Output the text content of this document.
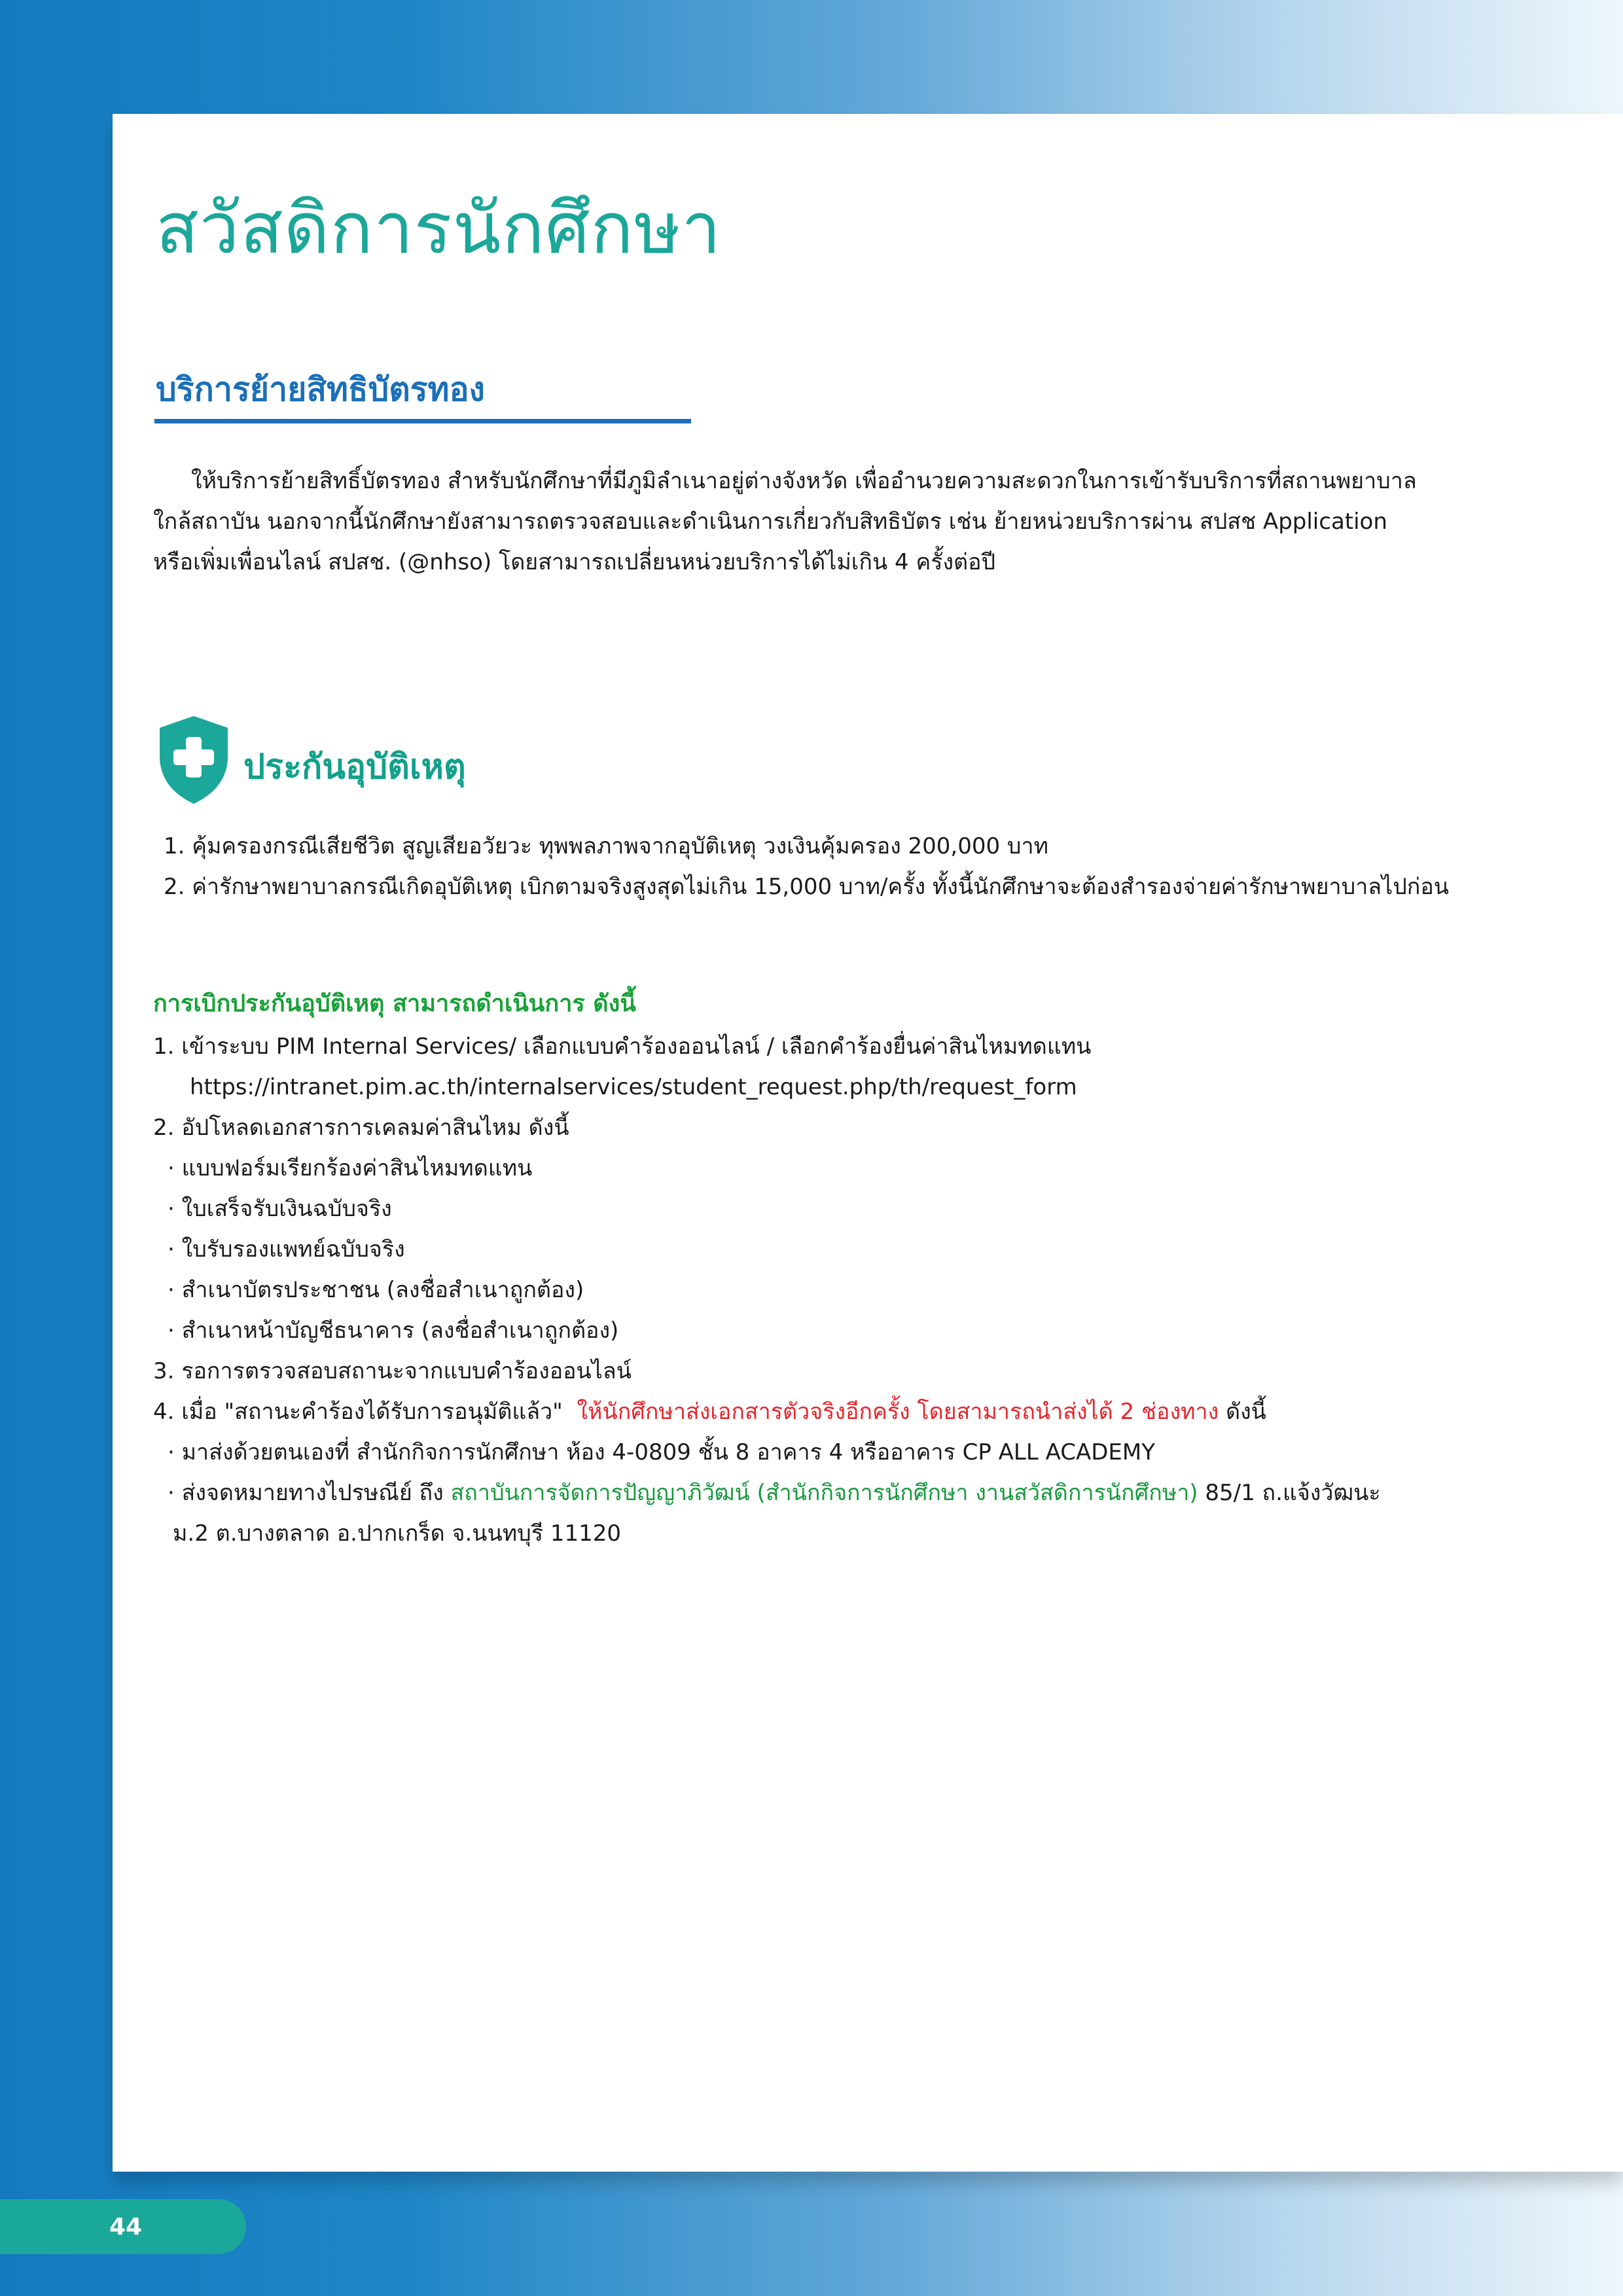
สวัสดิการนักศึกษา
บริการย้ายสิทธิบัตรทอง
ให้บริการย้ายสิทธิ์บัตรทอง สำหรับนักศึกษาที่มีภูมิลำเนาอยู่ต่างจังหวัด เพื่ออำนวยความสะดวกในการเข้ารับบริการที่สถานพยาบาล
ใกล้สถาบัน นอกจากนี้นักศึกษายังสามารถตรวจสอบและดำเนินการเกี่ยวกับสิทธิบัตร เช่น ย้ายหน่วยบริการผ่าน สปสช Application
หรือเพิ่มเพื่อนไลน์ สปสช. (@nhso) โดยสามารถเปลี่ยนหน่วยบริการได้ไม่เกิน 4 ครั้งต่อปี
ประกันอุบัติเหตุ
1. คุ้มครองกรณีเสียชีวิต สูญเสียอวัยวะ ทุพพลภาพจากอุบัติเหตุ วงเงินคุ้มครอง 200,000 บาท
2. ค่ารักษาพยาบาลกรณีเกิดอุบัติเหตุ เบิกตามจริงสูงสุดไม่เกิน 15,000 บาท/ครั้ง ทั้งนี้นักศึกษาจะต้องสำรองจ่ายค่ารักษาพยาบาลไปก่อน
การเบิกประกันอุบัติเหตุ สามารถดำเนินการ ดังนี้
1. เข้าระบบ PIM Internal Services/ เลือกแบบคำร้องออนไลน์ / เลือกคำร้องยื่นค่าสินไหมทดแทน
https://intranet.pim.ac.th/internalservices/student_request.php/th/request_form
2. อัปโหลดเอกสารการเคลมค่าสินไหม ดังนี้
· แบบฟอร์มเรียกร้องค่าสินไหมทดแทน
· ใบเสร็จรับเงินฉบับจริง
· ใบรับรองแพทย์ฉบับจริง
· สำเนาบัตรประชาชน (ลงชื่อสำเนาถูกต้อง)
· สำเนาหน้าบัญชีธนาคาร (ลงชื่อสำเนาถูกต้อง)
3. รอการตรวจสอบสถานะจากแบบคำร้องออนไลน์
4. เมื่อ "สถานะคำร้องได้รับการอนุมัติแล้ว" ให้นักศึกษาส่งเอกสารตัวจริงอีกครั้ง โดยสามารถนำส่งได้ 2 ช่องทาง ดังนี้
· มาส่งด้วยตนเองที่ สำนักกิจการนักศึกษา ห้อง 4-0809 ชั้น 8 อาคาร 4 หรืออาคาร CP ALL ACADEMY
· ส่งจดหมายทางไปรษณีย์ ถึง สถาบันการจัดการปัญญาภิวัฒน์ (สำนักกิจการนักศึกษา งานสวัสดิการนักศึกษา) 85/1 ถ.แจ้งวัฒนะ
ม.2 ต.บางตลาด อ.ปากเกร็ด จ.นนทบุรี 11120
44
